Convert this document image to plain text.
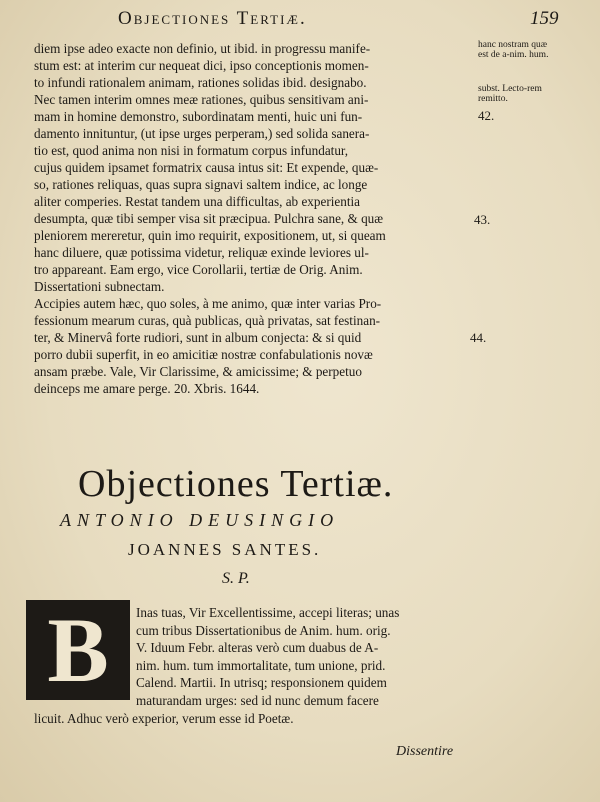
Objectiones Tertiæ.	159
diem ipse adeo exacte non definio, ut ibid. in progressu manife-
stum est: at interim cur nequeat dici, ipso conceptionis momen-
to infundi rationalem animam, rationes solidas ibid. designabo.
Nec tamen interim omnes meæ rationes, quibus sensitivam ani-
mam in homine demonstro, subordinatam menti, huic uni fun-
damento innituntur, (ut ipse urges perperam,) sed solida sanera-
tio est, quod anima non nisi in formatum corpus infundatur,
cujus quidem ipsamet formatrix causa intus sit: Et expende, quæ-
so, rationes reliquas, quas supra signavi saltem indice, ac longe
aliter comperies. Restat tandem una difficultas, ab experientia
desumpta, quæ tibi semper visa sit præcipua. Pulchra sane, & quæ
pleniorem mereretur, quin imo requirit, expositionem, ut, si queam
hanc diluere, quæ potissima videtur, reliquæ exinde leviores ul-
tro appareant. Eam ergo, vice Corollarii, tertiæ de Orig. Anim.
Dissertationi subnectam.
Accipies autem hæc, quo soles, à me animo, quæ inter varias Pro-
fessionum mearum curas, quà publicas, quà privatas, sat festinan-
ter, & Minervâ forte rudiori, sunt in album conjecta: & si quid
porro dubii superfit, in eo amicitiæ nostræ confabulationis novæ
ansam præbe. Vale, Vir Clarissime, & amicissime; & perpetuo
deinceps me amare perge. 20. Xbris. 1644.
hanc nostram quæ est de a-nim. hum.
subst. Lecto-rem remitto.
42.
43.
44.
Objectiones Tertiæ.
ANTONIO DEUSINGIO
JOANNES SANTES.
S. P.
B	Inas tuas, Vir Excellentissime, accepi literas; unas
cum tribus Dissertationibus de Anim. hum. orig.
V. Iduum Febr. alteras verò cum duabus de A-
nim. hum. tum immortalitate, tum unione, prid.
Calend. Martii. In utrisq; responsionem quidem
maturandam urges: sed id nunc demum facere
licuit. Adhuc verò experior, verum esse id Poetæ.
Dissentire
